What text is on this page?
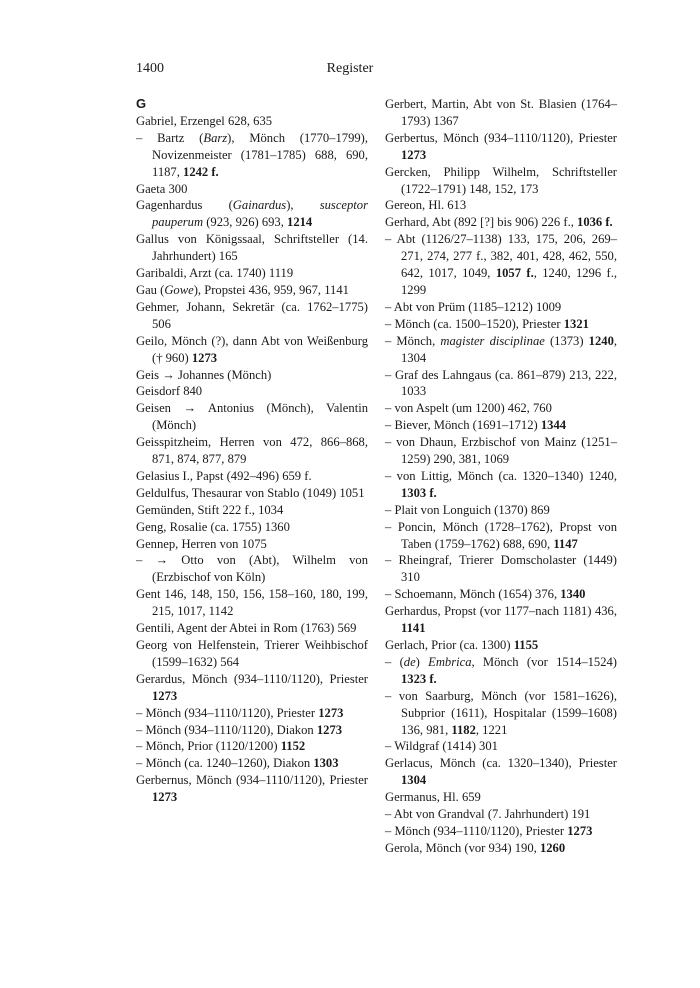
1400	Register
G
Gabriel, Erzengel 628, 635
– Bartz (Barz), Mönch (1770–1799), Novizenmeister (1781–1785) 688, 690, 1187, 1242 f.
Gaeta 300
Gagenhardus (Gainardus), susceptor pauperum (923, 926) 693, 1214
Gallus von Königssaal, Schriftsteller (14. Jahrhundert) 165
Garibaldi, Arzt (ca. 1740) 1119
Gau (Gowe), Propstei 436, 959, 967, 1141
Gehmer, Johann, Sekretär (ca. 1762–1775) 506
Geilo, Mönch (?), dann Abt von Weißenburg († 960) 1273
Geis → Johannes (Mönch)
Geisdorf 840
Geisen → Antonius (Mönch), Valentin (Mönch)
Geisspitzheim, Herren von 472, 866–868, 871, 874, 877, 879
Gelasius I., Papst (492–496) 659 f.
Geldulfus, Thesaurar von Stablo (1049) 1051
Gemünden, Stift 222 f., 1034
Geng, Rosalie (ca. 1755) 1360
Gennep, Herren von 1075
– → Otto von (Abt), Wilhelm von (Erzbischof von Köln)
Gent 146, 148, 150, 156, 158–160, 180, 199, 215, 1017, 1142
Gentili, Agent der Abtei in Rom (1763) 569
Georg von Helfenstein, Trierer Weihbischof (1599–1632) 564
Gerardus, Mönch (934–1110/1120), Priester 1273
– Mönch (934–1110/1120), Priester 1273
– Mönch (934–1110/1120), Diakon 1273
– Mönch, Prior (1120/1200) 1152
– Mönch (ca. 1240–1260), Diakon 1303
Gerbernus, Mönch (934–1110/1120), Priester 1273
Gerbert, Martin, Abt von St. Blasien (1764–1793) 1367
Gerbertus, Mönch (934–1110/1120), Priester 1273
Gercken, Philipp Wilhelm, Schriftsteller (1722–1791) 148, 152, 173
Gereon, Hl. 613
Gerhard, Abt (892 [?] bis 906) 226 f., 1036 f.
– Abt (1126/27–1138) 133, 175, 206, 269–271, 274, 277 f., 382, 401, 428, 462, 550, 642, 1017, 1049, 1057 f., 1240, 1296 f., 1299
– Abt von Prüm (1185–1212) 1009
– Mönch (ca. 1500–1520), Priester 1321
– Mönch, magister disciplinae (1373) 1240, 1304
– Graf des Lahngaus (ca. 861–879) 213, 222, 1033
– von Aspelt (um 1200) 462, 760
– Biever, Mönch (1691–1712) 1344
– von Dhaun, Erzbischof von Mainz (1251–1259) 290, 381, 1069
– von Littig, Mönch (ca. 1320–1340) 1240, 1303 f.
– Plait von Longuich (1370) 869
– Poncin, Mönch (1728–1762), Propst von Taben (1759–1762) 688, 690, 1147
– Rheingraf, Trierer Domscholaster (1449) 310
– Schoemann, Mönch (1654) 376, 1340
Gerhardus, Propst (vor 1177–nach 1181) 436, 1141
Gerlach, Prior (ca. 1300) 1155
– (de) Embrica, Mönch (vor 1514–1524) 1323 f.
– von Saarburg, Mönch (vor 1581–1626), Subprior (1611), Hospitalar (1599–1608) 136, 981, 1182, 1221
– Wildgraf (1414) 301
Gerlacus, Mönch (ca. 1320–1340), Priester 1304
Germanus, Hl. 659
– Abt von Grandval (7. Jahrhundert) 191
– Mönch (934–1110/1120), Priester 1273
Gerola, Mönch (vor 934) 190, 1260
